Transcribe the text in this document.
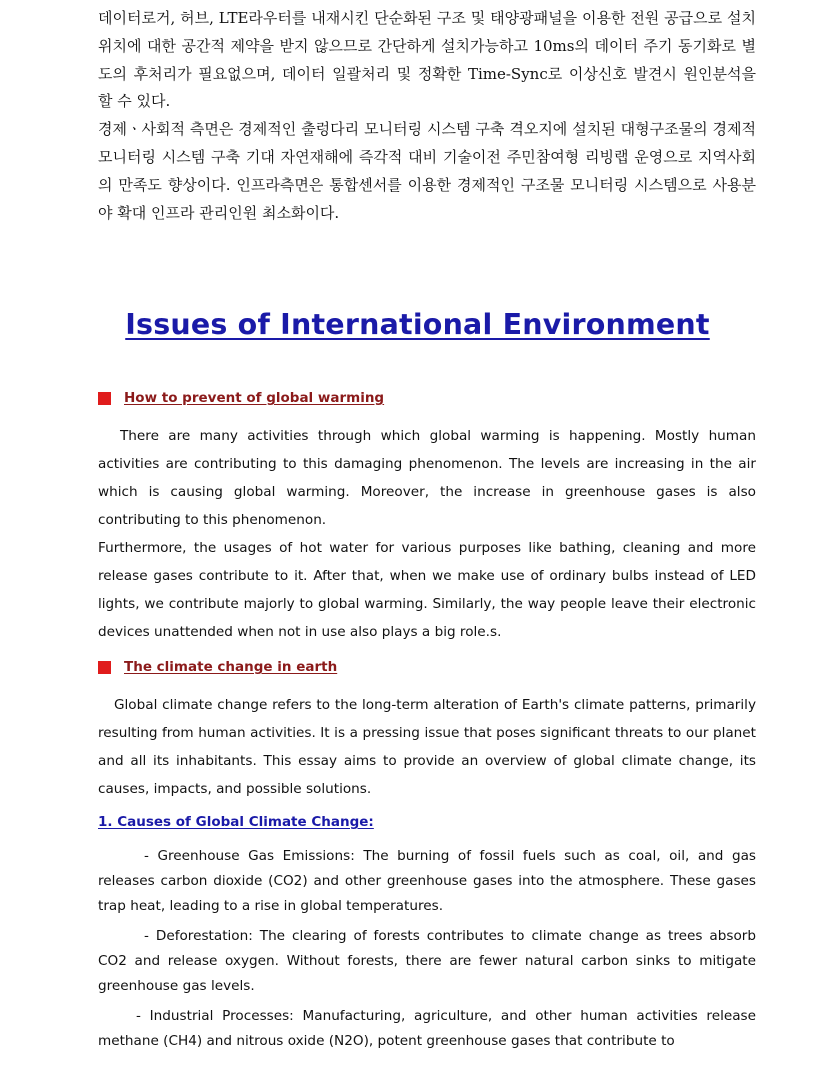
데이터로거, 허브, LTE라우터를 내재시킨 단순화된 구조 및 태양광패널을 이용한 전원 공급으로 설치위치에 대한 공간적 제약을 받지 않으므로 간단하게 설치가능하고 10ms의 데이터 주기 동기화로 별도의 후처리가 필요없으며, 데이터 일괄처리 및 정확한 Time-Sync로 이상신호 발견시 원인분석을 할 수 있다.

경제ㆍ사회적 측면은 경제적인 출렁다리 모니터링 시스템 구축 격오지에 설치된 대형구조물의 경제적 모니터링 시스템 구축 기대 자연재해에 즉각적 대비 기술이전 주민참여형 리빙랩 운영으로 지역사회의 만족도 향상이다. 인프라측면은 통합센서를 이용한 경제적인 구조물 모니터링 시스템으로 사용분야 확대 인프라 관리인원 최소화이다.

Issues of International Environment
How to prevent of global warming

There are many activities through which global warming is happening. Mostly human activities are contributing to this damaging phenomenon. The levels are increasing in the air which is causing global warming. Moreover, the increase in greenhouse gases is also contributing to this phenomenon.

Furthermore, the usages of hot water for various purposes like bathing, cleaning and more release gases contribute to it. After that, when we make use of ordinary bulbs instead of LED lights, we contribute majorly to global warming. Similarly, the way people leave their electronic devices unattended when not in use also plays a big role.s.

The climate change in earth

Global climate change refers to the long-term alteration of Earth's climate patterns, primarily resulting from human activities. It is a pressing issue that poses significant threats to our planet and all its inhabitants. This essay aims to provide an overview of global climate change, its causes, impacts, and possible solutions.

1. Causes of Global Climate Change:

- Greenhouse Gas Emissions: The burning of fossil fuels such as coal, oil, and gas releases carbon dioxide (CO2) and other greenhouse gases into the atmosphere. These gases trap heat, leading to a rise in global temperatures.

- Deforestation: The clearing of forests contributes to climate change as trees absorb CO2 and release oxygen. Without forests, there are fewer natural carbon sinks to mitigate greenhouse gas levels.

- Industrial Processes: Manufacturing, agriculture, and other human activities release methane (CH4) and nitrous oxide (N2O), potent greenhouse gases that contribute to
